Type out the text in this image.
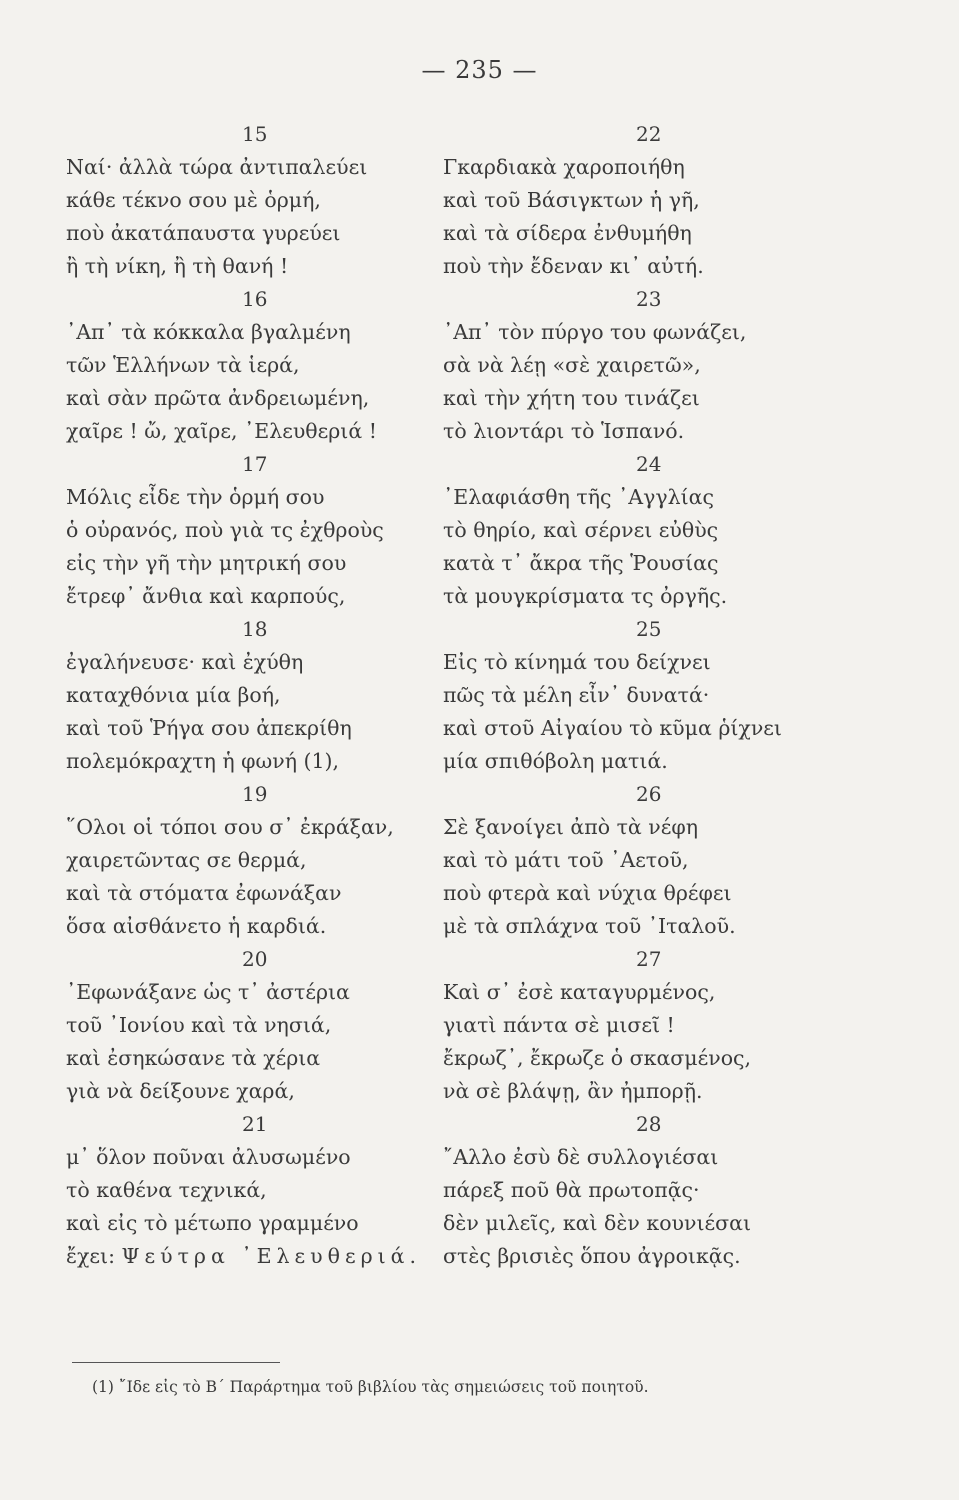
— 235 —
15
Ναί· ἀλλὰ τώρα ἀντιπαλεύει
κάθε τέκνο σου μὲ ὁρμή,
ποὺ ἀκατάπαυστα γυρεύει
ἢ τὴ νίκη, ἢ τὴ θανή !
16
᾿Απ᾿ τὰ κόκκαλα βγαλμένη
τῶν Ἑλλήνων τὰ ἱερά,
καὶ σὰν πρῶτα ἀνδρειωμένη,
χαῖρε ! ὤ, χαῖρε, ᾿Ελευθεριά !
17
Μόλις εἶδε τὴν ὁρμή σου
ὁ οὐρανός, ποὺ γιὰ τς ἐχθροὺς
εἰς τὴν γῆ τὴν μητρική σου
ἔτρεφ᾿ ἄνθια καὶ καρπούς,
18
ἐγαλήνευσε· καὶ ἐχύθη
καταχθόνια μία βοή,
καὶ τοῦ Ῥήγα σου ἀπεκρίθη
πολεμόκραχτη ἡ φωνή (1),
19
῞Ολοι οἱ τόποι σου σ᾿ ἐκράξαν,
χαιρετῶντας σε θερμά,
καὶ τὰ στόματα ἐφωνάξαν
ὅσα αἰσθάνετο ἡ καρδιά.
20
᾿Εφωνάξανε ὡς τ᾿ ἀστέρια
τοῦ ᾿Ιονίου καὶ τὰ νησιά,
καὶ ἐσηκώσανε τὰ χέρια
γιὰ νὰ δείξουνε χαρά,
21
μ᾿ ὅλον ποῦναι ἀλυσωμένο
τὸ καθένα τεχνικά,
καὶ εἰς τὸ μέτωπο γραμμένο
ἔχει: Ψεύτρα ᾿Ελευθεριά.
22
Γκαρδιακὰ χαροποιήθη
καὶ τοῦ Βάσιγκτων ἡ γῆ,
καὶ τὰ σίδερα ἐνθυμήθη
ποὺ τὴν ἔδεναν κι᾿ αὐτή.
23
᾿Απ᾿ τὸν πύργο του φωνάζει,
σὰ νὰ λέῃ «σὲ χαιρετῶ»,
καὶ τὴν χήτη του τινάζει
τὸ λιοντάρι τὸ Ἱσπανό.
24
᾿Ελαφιάσθη τῆς ᾿Αγγλίας
τὸ θηρίο, καὶ σέρνει εὐθὺς
κατὰ τ᾿ ἄκρα τῆς Ῥουσίας
τὰ μουγκρίσματα τς ὀργῆς.
25
Εἰς τὸ κίνημά του δείχνει
πῶς τὰ μέλη εἶν᾿ δυνατά·
καὶ στοῦ Αἰγαίου τὸ κῦμα ῥίχνει
μία σπιθόβολη ματιά.
26
Σὲ ξανοίγει ἀπὸ τὰ νέφη
καὶ τὸ μάτι τοῦ ᾿Αετοῦ,
ποὺ φτερὰ καὶ νύχια θρέφει
μὲ τὰ σπλάχνα τοῦ ᾿Ιταλοῦ.
27
Καὶ σ᾿ ἐσὲ καταγυρμένος,
γιατὶ πάντα σὲ μισεῖ !
ἔκρωζ᾿, ἔκρωζε ὁ σκασμένος,
νὰ σὲ βλάψῃ, ἂν ἠμπορῇ.
28
῎Αλλο ἐσὺ δὲ συλλογιέσαι
πάρεξ ποῦ θὰ πρωτοπᾷς·
δὲν μιλεῖς, καὶ δὲν κουνιέσαι
στὲς βρισιὲς ὅπου ἀγροικᾷς.
(1) ῎Ιδε εἰς τὸ Β΄ Παράρτημα τοῦ βιβλίου τὰς σημειώσεις τοῦ ποιητοῦ.
